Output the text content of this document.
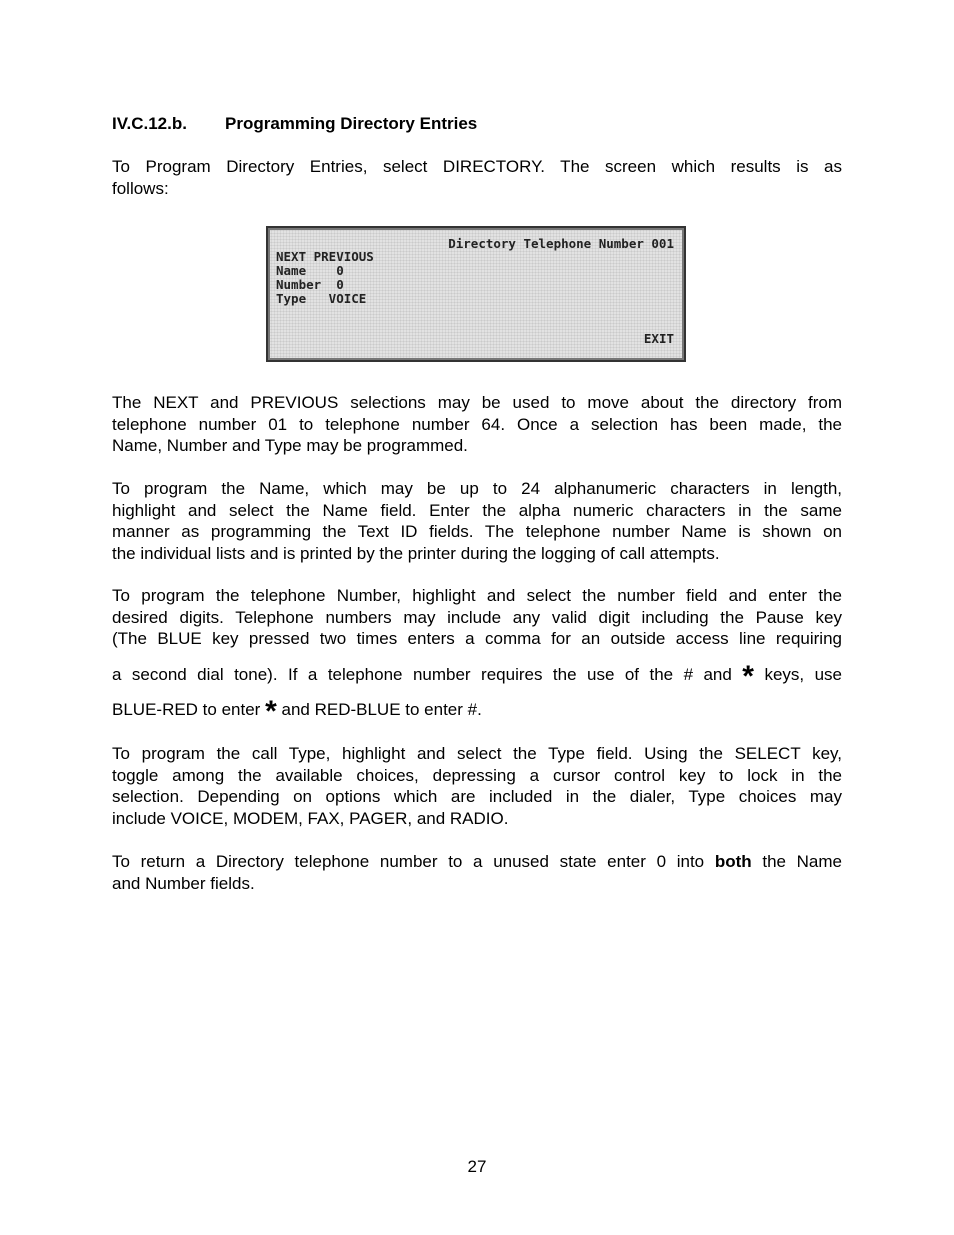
IV.C.12.b. Programming Directory Entries

To Program Directory Entries, select DIRECTORY. The screen which results is as
follows:

The NEXT and PREVIOUS selections may be used to move about the directory from
telephone number 01 to telephone number 64. Once a selection has been made, the
Name, Number and Type may be programmed.

To program the Name, which may be up to 24 alphanumeric characters in length,
highlight and select the Name field. Enter the alpha numeric characters in the same
manner as programming the Text ID fields. The telephone number Name is shown on
the individual lists and is printed by the printer during the logging of call attempts.

To program the telephone Number, highlight and select the number field and enter the
desired digits. Telephone numbers may include any valid digit including the Pause key
(The BLUE key pressed two times enters a comma for an outside access line requiring
a second dial tone). If a telephone number requires the use of the # and * keys, use
BLUE-RED to enter * and RED-BLUE to enter #.

To program the call Type, highlight and select the Type field. Using the SELECT key,
toggle among the available choices, depressing a cursor control key to lock in the
selection. Depending on options which are included in the dialer, Type choices may
include VOICE, MODEM, FAX, PAGER, and RADIO.

To return a Directory telephone number to a unused state enter 0 into both the Name
and Number fields.

Directory Telephone Number 001
NEXT PREVIOUS
Name    0
Number  0
Type   VOICE
EXIT
27
